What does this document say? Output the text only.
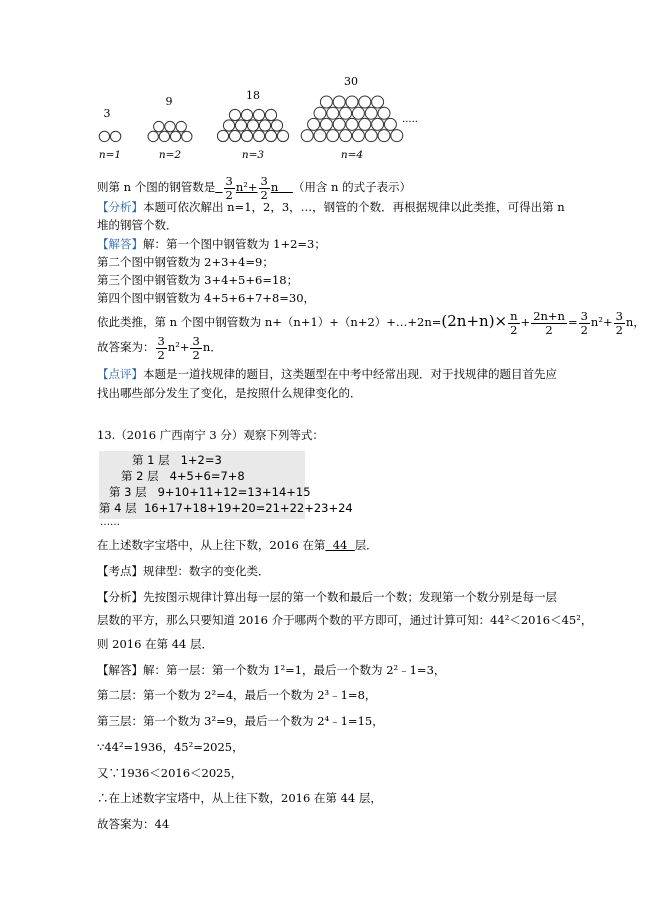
3
9	18
30
n=1	n=2	n=3	n=4
.....
则第 n 个图的钢管数是 $\frac{3}{2} n^2+ \frac{3}{2}$ n （用含 n 的式子表示）
【分析】本题可依次解出 n=1，2，3，…，钢管的个数．再根据规律以此类推，可得出第 n
堆的钢管个数．
【解答】解：第一个图中钢管数为 1+2=3；
第二个图中钢管数为 2+3+4=9；
第三个图中钢管数为 3+4+5+6=18；
第四个图中钢管数为 4+5+6+7+8=30，
依此类推，第 n 个图中钢管数为 n+（n+1）+（n+2）+…+2n=(2n+n)× $\frac{n}{2} + \frac{2n+n}{2} = \frac{3}{2} n^2+ \frac{3}{2}$ n，
故答案为： $\frac{3}{2} n^2+ \frac{3}{2}$ n．
【点评】本题是一道找规律的题目，这类题型在中考中经常出现．对于找规律的题目首先应
找出哪些部分发生了变化，是按照什么规律变化的．
13.（2016 广西南宁 3 分）观察下列等式：
第 1 层 1+2=3
第 2 层 4+5+6=7+8
第 3 层 9+10+11+12=13+14+15
第 4 层 16+17+18+19+20=21+22+23+24
……
在上述数字宝塔中，从上往下数，2016 在第  44  层．
【考点】规律型：数字的变化类．
【分析】先按图示规律计算出每一层的第一个数和最后一个数；发现第一个数分别是每一层
层数的平方，那么只要知道 2016 介于哪两个数的平方即可，通过计算可知：44²＜2016＜45²，
则 2016 在第 44 层．
【解答】解：第一层：第一个数为 1²=1，最后一个数为 2²﹣1=3，
第二层：第一个数为 2²=4，最后一个数为 2³﹣1=8，
第三层：第一个数为 3²=9，最后一个数为 2⁴﹣1=15，
∵44²=1936，45²=2025，
又∵1936＜2016＜2025，
∴在上述数字宝塔中，从上往下数，2016 在第 44 层，
故答案为：44
